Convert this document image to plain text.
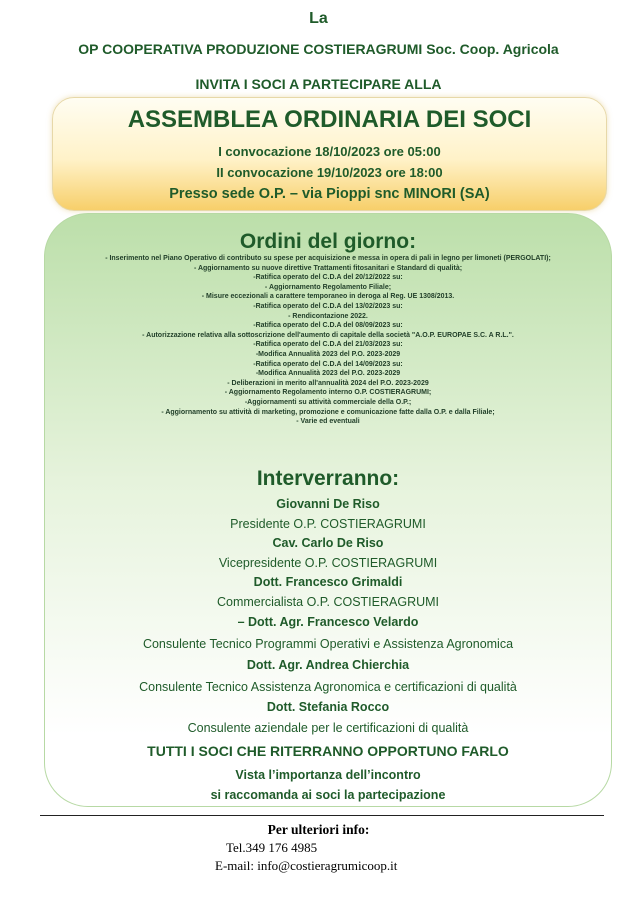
La
OP COOPERATIVA PRODUZIONE COSTIERAGRUMI Soc. Coop. Agricola
INVITA I SOCI A PARTECIPARE ALLA
ASSEMBLEA ORDINARIA DEI SOCI
I convocazione 18/10/2023 ore 05:00
II convocazione 19/10/2023 ore 18:00
Presso sede O.P. – via Pioppi snc MINORI (SA)
Ordini del giorno:
- Inserimento nel Piano Operativo di contributo su spese per acquisizione e messa in opera di pali in legno per limoneti (PERGOLATI);
- Aggiornamento su nuove direttive Trattamenti fitosanitari e Standard di qualità;
-Ratifica operato del C.D.A del 20/12/2022 su:
- Aggiornamento Regolamento Filiale;
- Misure eccezionali a carattere temporaneo in deroga al Reg. UE 1308/2013.
-Ratifica operato del C.D.A del 13/02/2023 su:
- Rendicontazione 2022.
-Ratifica operato del C.D.A del 08/09/2023 su:
- Autorizzazione relativa alla sottoscrizione dell'aumento di capitale della società "A.O.P. EUROPAE S.C. A R.L.".
-Ratifica operato del C.D.A del 21/03/2023 su:
-Modifica Annualità 2023 del P.O. 2023-2029
-Ratifica operato del C.D.A del 14/09/2023 su:
-Modifica Annualità 2023 del P.O. 2023-2029
- Deliberazioni in merito all'annualità 2024 del P.O. 2023-2029
- Aggiornamento Regolamento interno O.P. COSTIERAGRUMI;
-Aggiornamenti su attività commerciale della O.P.;
- Aggiornamento su attività di marketing, promozione e comunicazione fatte dalla O.P. e dalla Filiale;
- Varie ed eventuali
Interverranno:
Giovanni De Riso
Presidente O.P. COSTIERAGRUMI
Cav. Carlo De Riso
Vicepresidente O.P. COSTIERAGRUMI
Dott. Francesco Grimaldi
Commercialista O.P. COSTIERAGRUMI
– Dott. Agr. Francesco Velardo
Consulente Tecnico Programmi Operativi e Assistenza Agronomica
Dott. Agr. Andrea Chierchia
Consulente Tecnico Assistenza Agronomica e certificazioni di qualità
Dott. Stefania Rocco
Consulente aziendale per le certificazioni di qualità
TUTTI I SOCI CHE RITERRANNO OPPORTUNO FARLO
Vista l’importanza dell’incontro
si raccomanda ai soci la partecipazione
Per ulteriori info:
Tel.349 176 4985
E-mail: info@costieragrumicoop.it
